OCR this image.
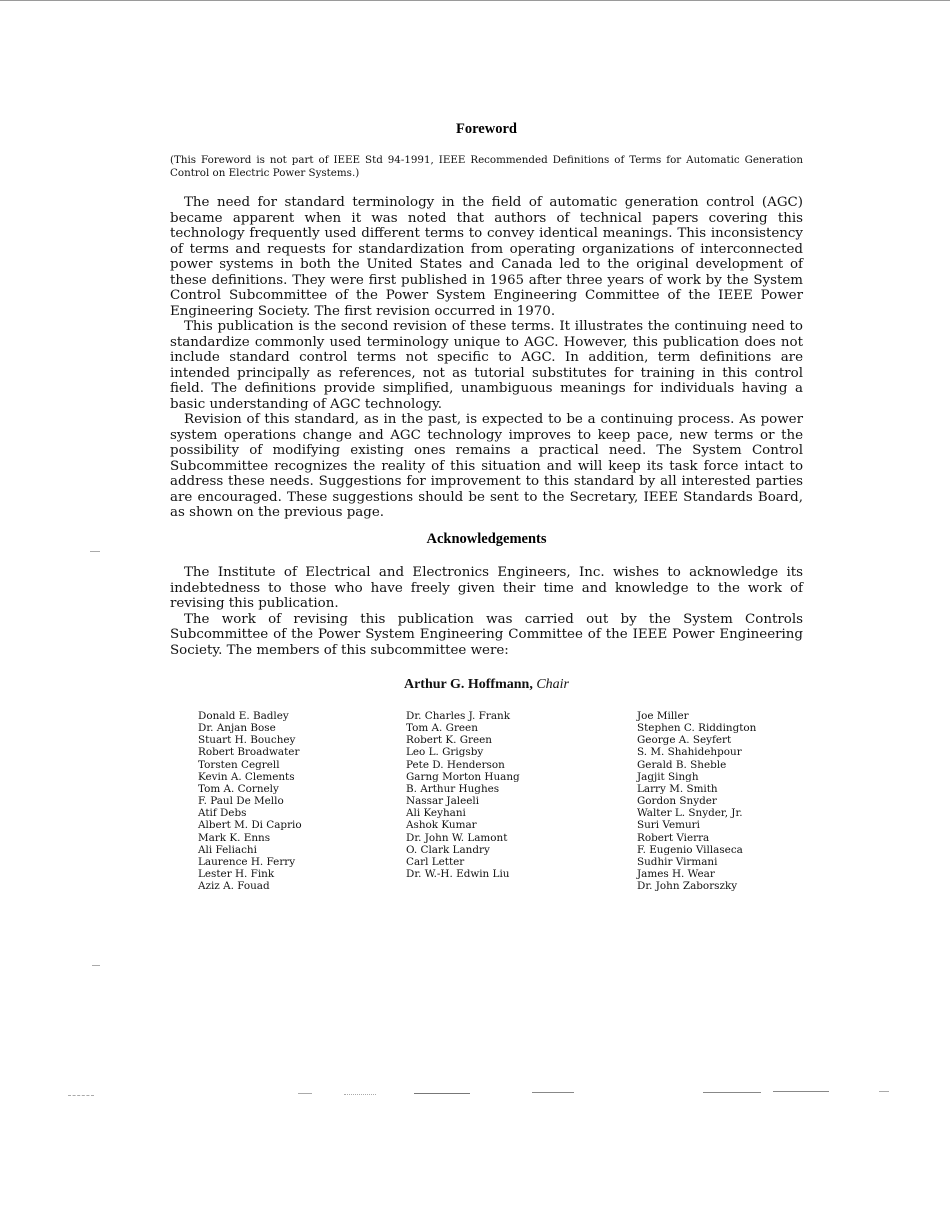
Foreword
(This Foreword is not part of IEEE Std 94-1991, IEEE Recommended Definitions of Terms for Automatic Generation Control on Electric Power Systems.)

The need for standard terminology in the field of automatic generation control (AGC) became apparent when it was noted that authors of technical papers covering this technology frequently used different terms to convey identical meanings. This inconsistency of terms and requests for standardization from operating organizations of interconnected power systems in both the United States and Canada led to the original development of these definitions. They were first published in 1965 after three years of work by the System Control Subcommittee of the Power System Engineering Committee of the IEEE Power Engineering Society. The first revision occurred in 1970.

This publication is the second revision of these terms. It illustrates the continuing need to standardize commonly used terminology unique to AGC. However, this publication does not include standard control terms not specific to AGC. In addition, term definitions are intended principally as references, not as tutorial substitutes for training in this control field. The definitions provide simplified, unambiguous meanings for individuals having a basic understanding of AGC technology.

Revision of this standard, as in the past, is expected to be a continuing process. As power system operations change and AGC technology improves to keep pace, new terms or the possibility of modifying existing ones remains a practical need. The System Control Subcommittee recognizes the reality of this situation and will keep its task force intact to address these needs. Suggestions for improvement to this standard by all interested parties are encouraged. These suggestions should be sent to the Secretary, IEEE Standards Board, as shown on the previous page.

Acknowledgements

The Institute of Electrical and Electronics Engineers, Inc. wishes to acknowledge its indebtedness to those who have freely given their time and knowledge to the work of revising this publication.

The work of revising this publication was carried out by the System Controls Subcommittee of the Power System Engineering Committee of the IEEE Power Engineering Society. The members of this subcommittee were:

Arthur G. Hoffmann, Chair
Donald E. Badley
Dr. Anjan Bose
Stuart H. Bouchey
Robert Broadwater
Torsten Cegrell
Kevin A. Clements
Tom A. Cornely
F. Paul De Mello
Atif Debs
Albert M. Di Caprio
Mark K. Enns
Ali Feliachi
Laurence H. Ferry
Lester H. Fink
Aziz A. Fouad
Dr. Charles J. Frank
Tom A. Green
Robert K. Green
Leo L. Grigsby
Pete D. Henderson
Garng Morton Huang
B. Arthur Hughes
Nassar Jaleeli
Ali Keyhani
Ashok Kumar
Dr. John W. Lamont
O. Clark Landry
Carl Letter
Dr. W.-H. Edwin Liu
Joe Miller
Stephen C. Riddington
George A. Seyfert
S. M. Shahidehpour
Gerald B. Sheble
Jagjit Singh
Larry M. Smith
Gordon Snyder
Walter L. Snyder, Jr.
Suri Vemuri
Robert Vierra
F. Eugenio Villaseca
Sudhir Virmani
James H. Wear
Dr. John Zaborszky
